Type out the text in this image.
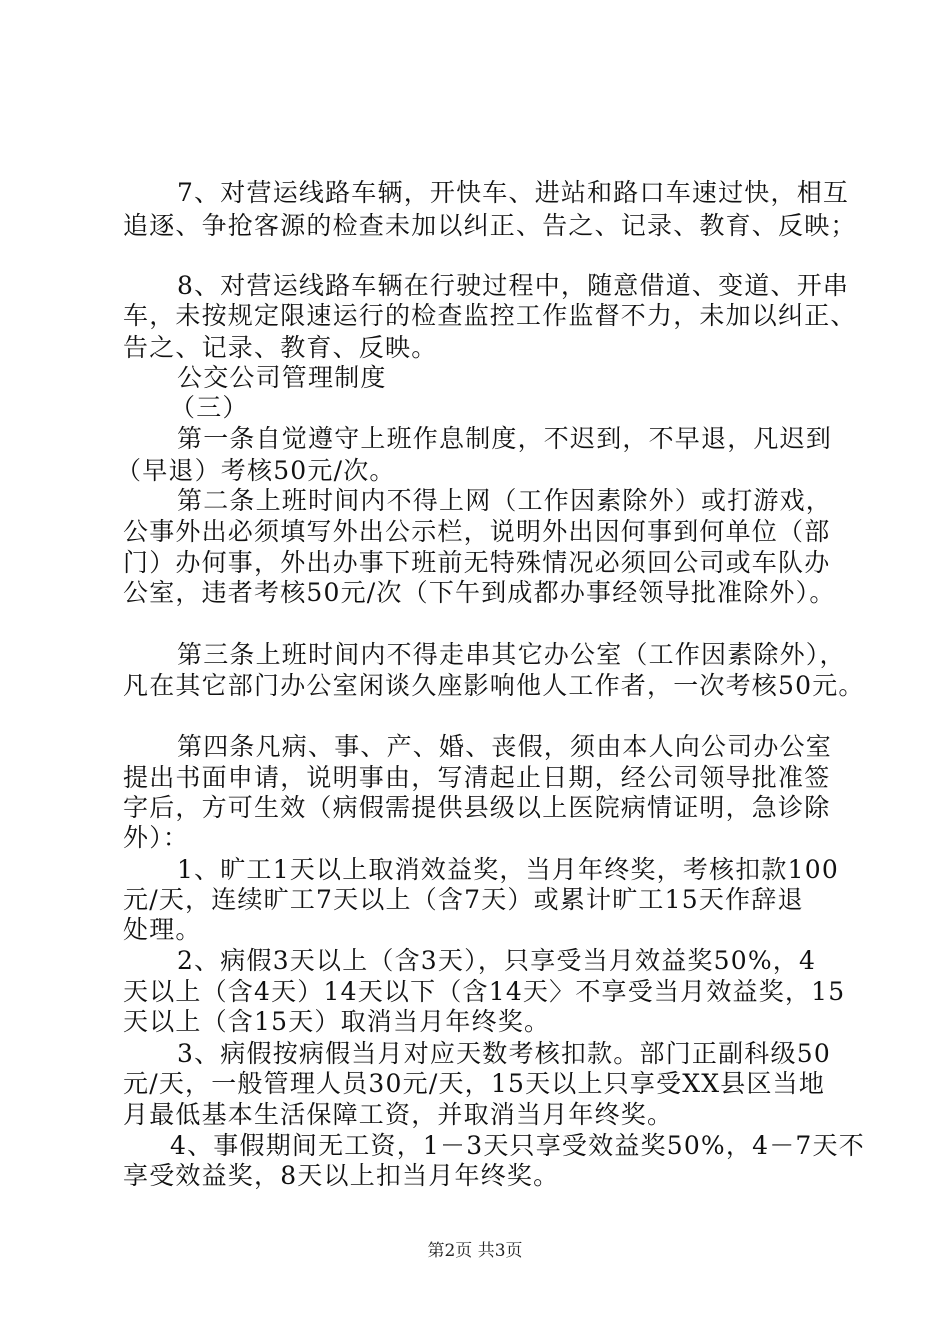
7、对营运线路车辆，开快车、进站和路口车速过快，相互
追逐、争抢客源的检查未加以纠正、告之、记录、教育、反映；
8、对营运线路车辆在行驶过程中，随意借道、变道、开串
车，未按规定限速运行的检查监控工作监督不力，未加以纠正、
告之、记录、教育、反映。
公交公司管理制度
（三）
第一条自觉遵守上班作息制度，不迟到，不早退，凡迟到
（早退）考核50元/次。
第二条上班时间内不得上网（工作因素除外）或打游戏，
公事外出必须填写外出公示栏，说明外出因何事到何单位（部
门）办何事，外出办事下班前无特殊情况必须回公司或车队办
公室，违者考核50元/次（下午到成都办事经领导批准除外）。
第三条上班时间内不得走串其它办公室（工作因素除外），
凡在其它部门办公室闲谈久座影响他人工作者，一次考核50元。
第四条凡病、事、产、婚、丧假，须由本人向公司办公室
提出书面申请，说明事由，写清起止日期，经公司领导批准签
字后，方可生效（病假需提供县级以上医院病情证明，急诊除
外）：
1、旷工1天以上取消效益奖，当月年终奖，考核扣款100
元/天，连续旷工7天以上（含7天）或累计旷工15天作辞退
处理。
2、病假3天以上（含3天），只享受当月效益奖50%，4
天以上（含4天）14天以下（含14天〉不享受当月效益奖，15
天以上（含15天）取消当月年终奖。
3、病假按病假当月对应天数考核扣款。部门正副科级50
元/天，一般管理人员30元/天，15天以上只享受XX县区当地
月最低基本生活保障工资，并取消当月年终奖。
4、事假期间无工资，1－3天只享受效益奖50%，4－7天不
享受效益奖，8天以上扣当月年终奖。
第2页 共3页
